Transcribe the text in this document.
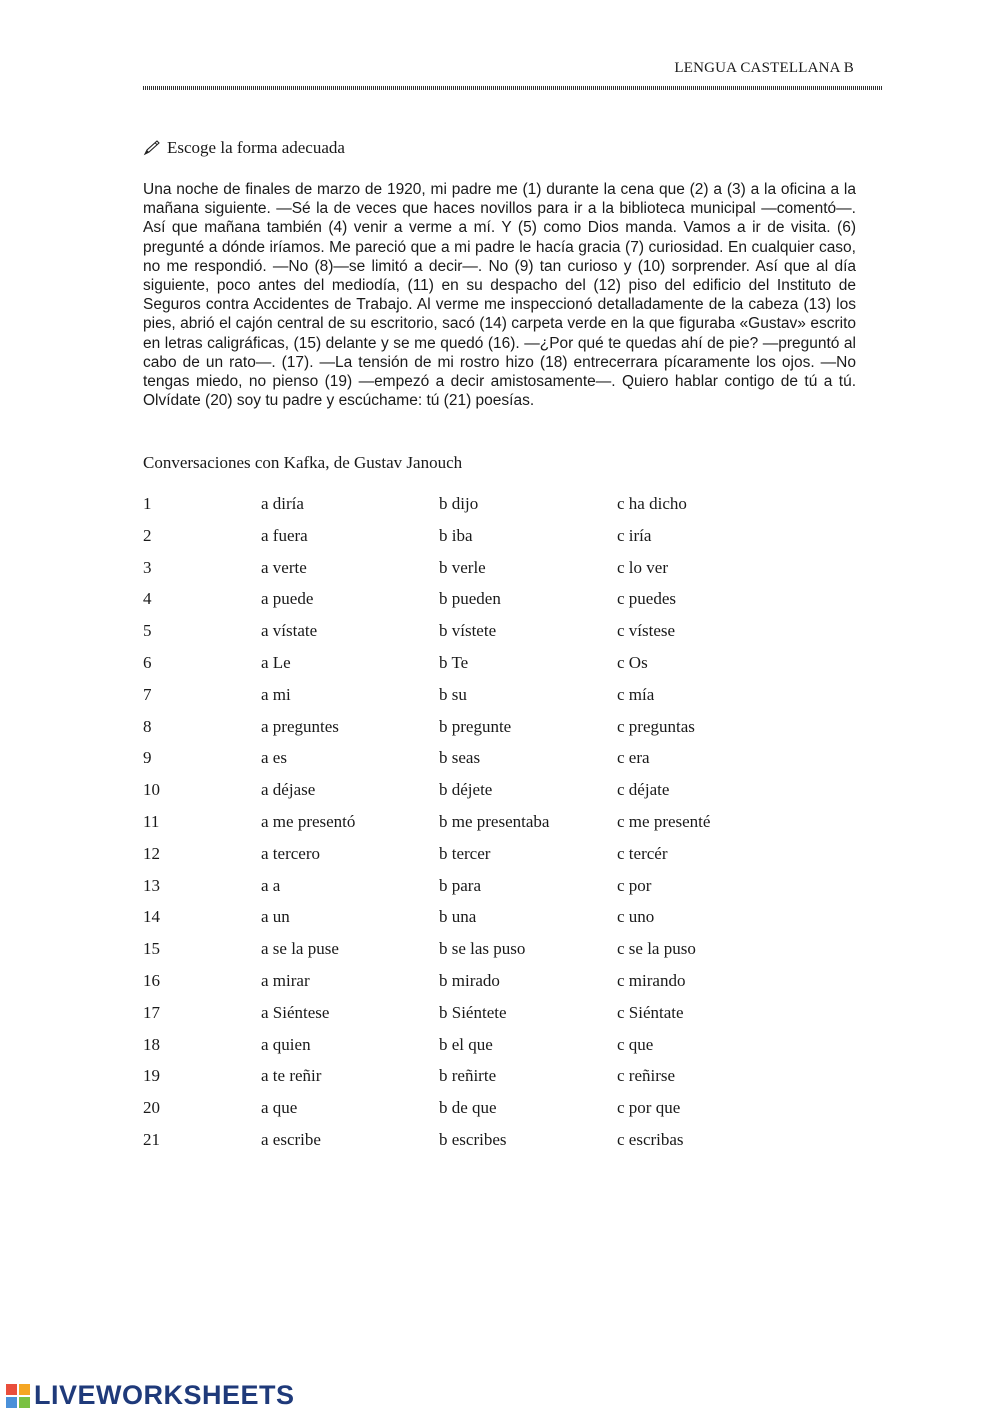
LENGUA CASTELLANA B
Escoge la forma adecuada

Una noche de finales de marzo de 1920, mi padre me (1) durante la cena que (2) a (3) a la oficina a la mañana siguiente. —Sé la de veces que haces novillos para ir a la biblioteca municipal —comentó—. Así que mañana también (4) venir a verme a mí. Y (5) como Dios manda. Vamos a ir de visita. (6) pregunté a dónde iríamos. Me pareció que a mi padre le hacía gracia (7) curiosidad. En cualquier caso, no me respondió. —No (8)—se limitó a decir—. No (9) tan curioso y (10) sorprender. Así que al día siguiente, poco antes del mediodía, (11) en su despacho del (12) piso del edificio del Instituto de Seguros contra Accidentes de Trabajo. Al verme me inspeccionó detalladamente de la cabeza (13) los pies, abrió el cajón central de su escritorio, sacó (14) carpeta verde en la que figuraba «Gustav» escrito en letras caligráficas, (15) delante y se me quedó (16). —¿Por qué te quedas ahí de pie? —preguntó al cabo de un rato—. (17). —La tensión de mi rostro hizo (18) entrecerrara pícaramente los ojos. —No tengas miedo, no pienso (19) —empezó a decir amistosamente—. Quiero hablar contigo de tú a tú. Olvídate (20) soy tu padre y escúchame: tú (21) poesías.

Conversaciones con Kafka, de Gustav Janouch
1	a diría	b dijo	c ha dicho
2	a fuera	b iba	c iría
3	a verte	b verle	c lo ver
4	a puede	b pueden	c puedes
5	a vístate	b vístete	c vístese
6	a Le	b Te	c Os
7	a mi	b su	c mía
8	a preguntes	b pregunte	c preguntas
9	a es	b seas	c era
10	a déjase	b déjete	c déjate
11	a me presentó	b me presentaba	c me presenté
12	a tercero	b tercer	c tercér
13	a a	b para	c por
14	a un	b una	c uno
15	a se la puse	b se las puso	c se la puso
16	a mirar	b mirado	c mirando
17	a Siéntese	b Siéntete	c Siéntate
18	a quien	b el que	c que
19	a te reñir	b reñirte	c reñirse
20	a que	b de que	c por que
21	a escribe	b escribes	c escribas
LIVEWORKSHEETS
